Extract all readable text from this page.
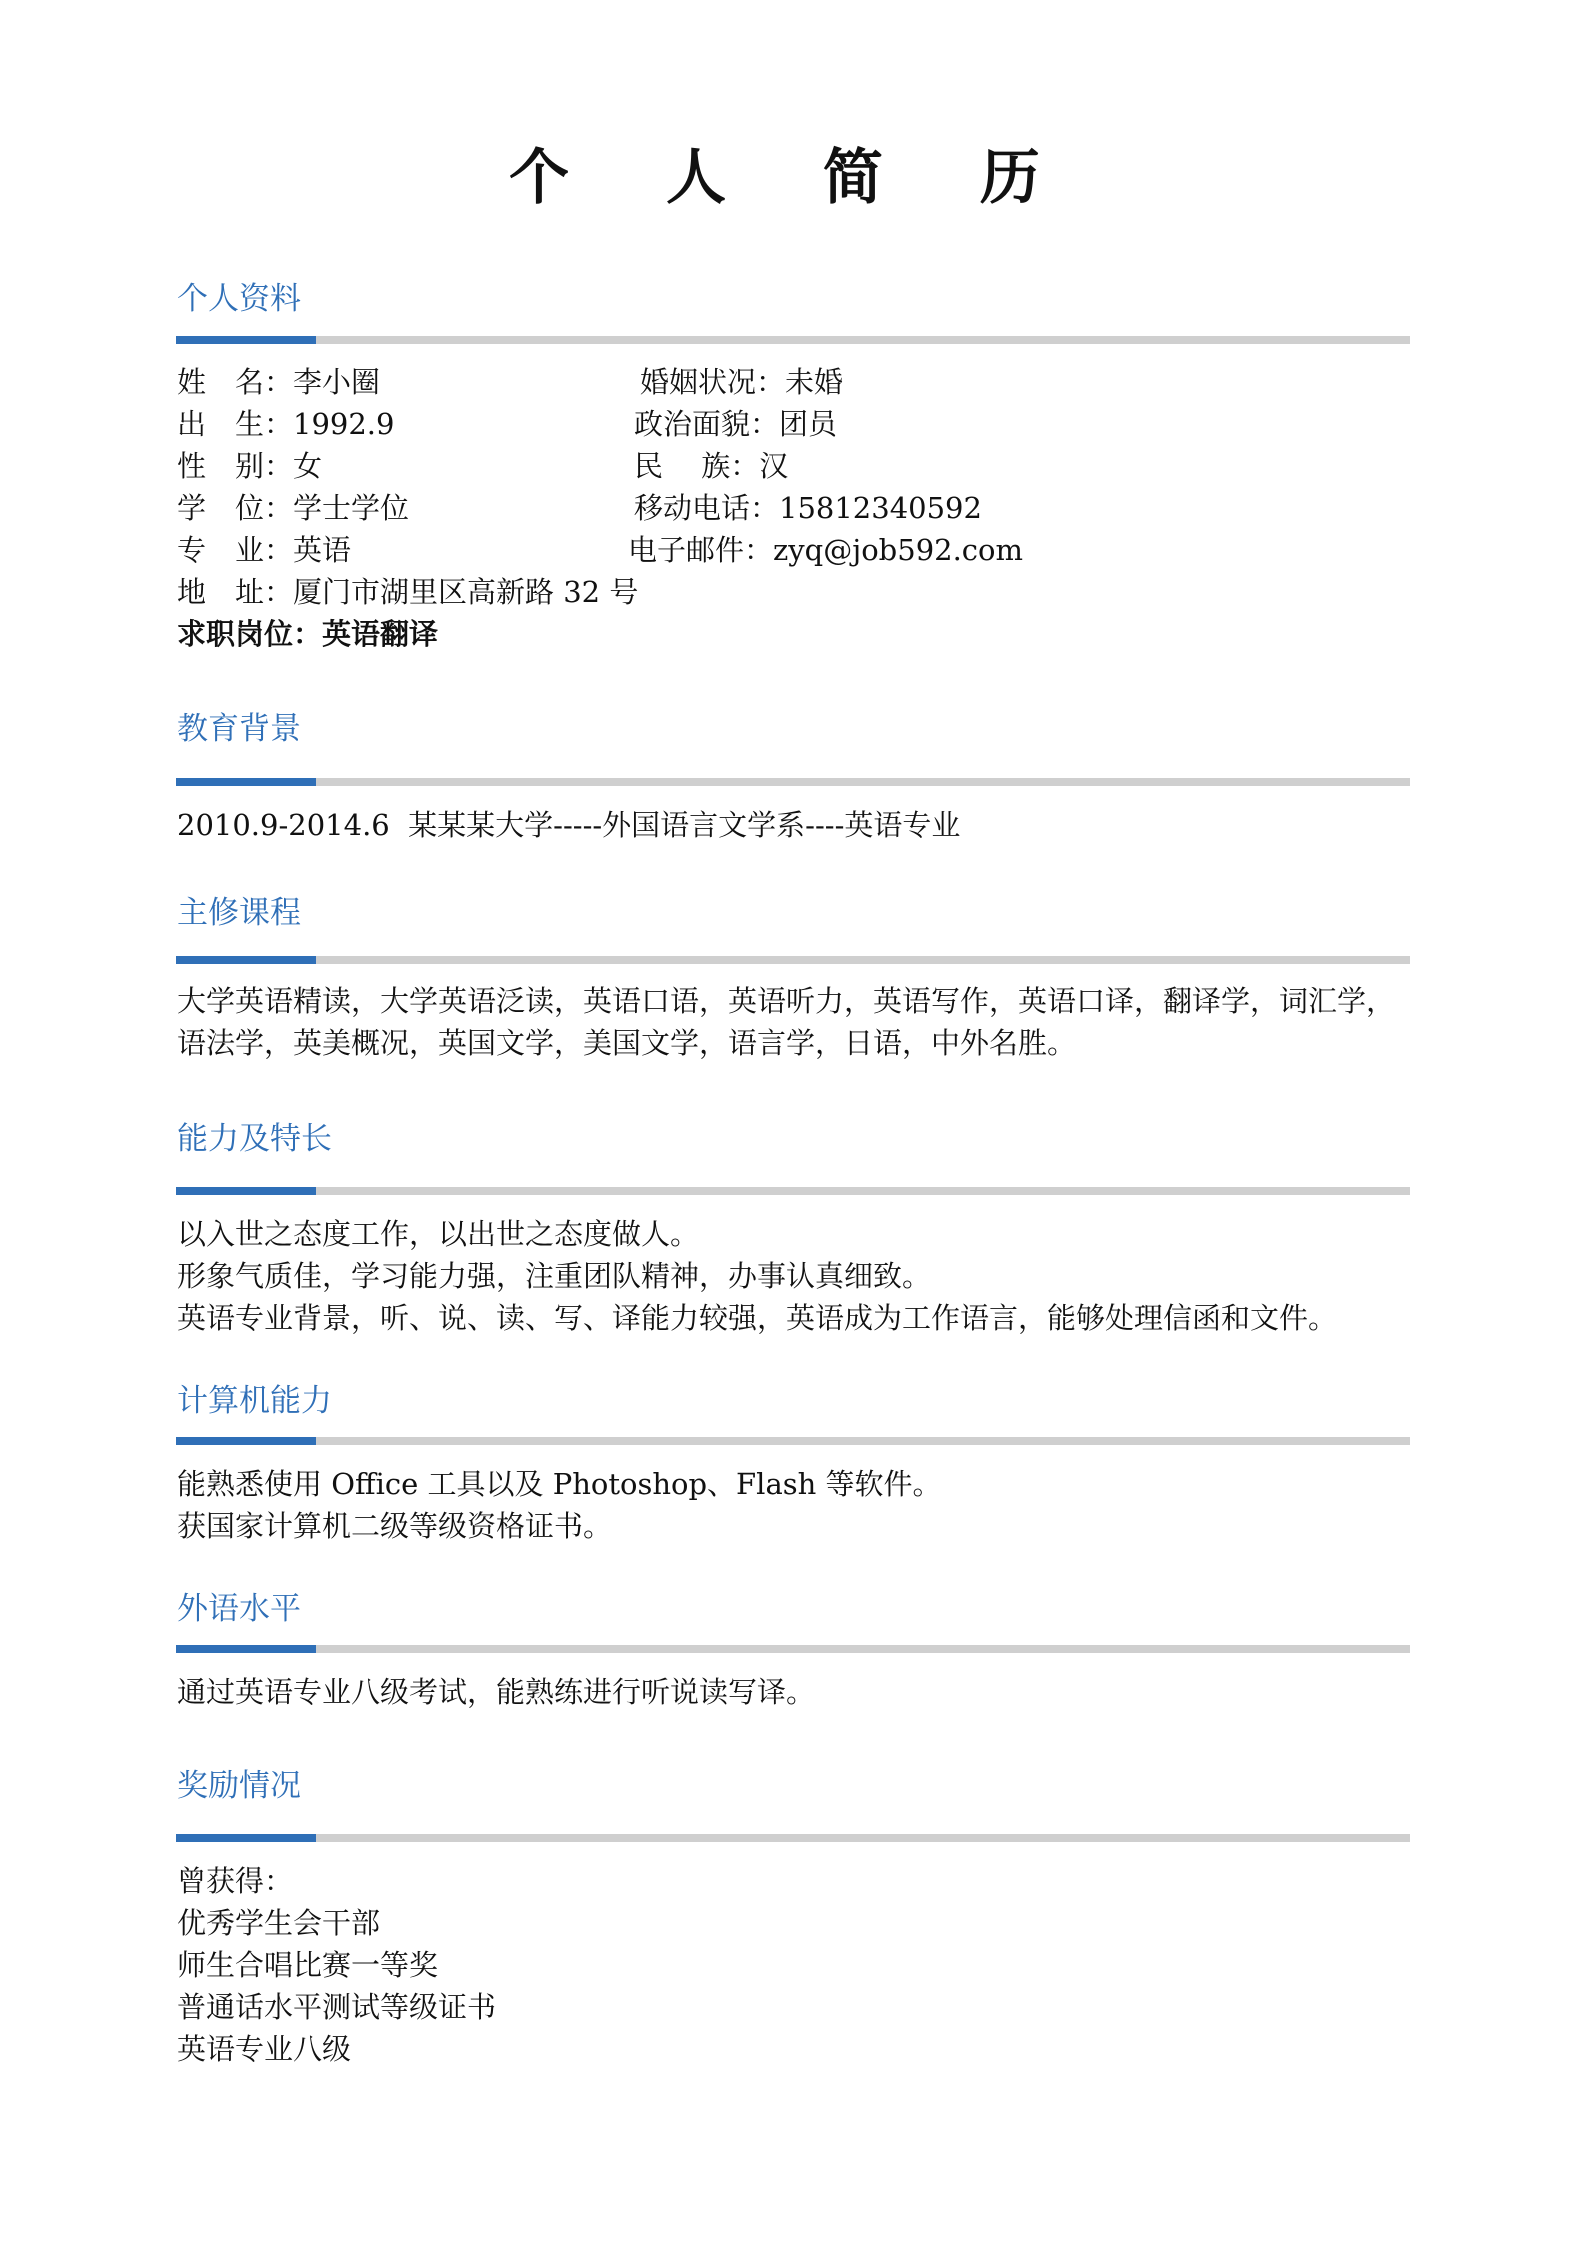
个 人 简 历
个人资料
姓　名：李小圈	婚姻状况：未婚
出　生：1992.9	政治面貌：团员
性　别：女	民　 族：汉
学　位：学士学位	移动电话：15812340592
专　业：英语	电子邮件：zyq@job592.com
地　址：厦门市湖里区高新路 32 号
求职岗位：英语翻译
教育背景
2010.9-2014.6  某某某大学-----外国语言文学系----英语专业
主修课程
大学英语精读，大学英语泛读，英语口语，英语听力，英语写作，英语口译，翻译学，词汇学，语法学，英美概况，英国文学，美国文学，语言学，日语，中外名胜。
能力及特长
以入世之态度工作，以出世之态度做人。
形象气质佳，学习能力强，注重团队精神，办事认真细致。
英语专业背景，听、说、读、写、译能力较强，英语成为工作语言，能够处理信函和文件。
计算机能力
能熟悉使用 Office 工具以及 Photoshop、Flash 等软件。
获国家计算机二级等级资格证书。
外语水平
通过英语专业八级考试，能熟练进行听说读写译。
奖励情况
曾获得：
优秀学生会干部
师生合唱比赛一等奖
普通话水平测试等级证书
英语专业八级
